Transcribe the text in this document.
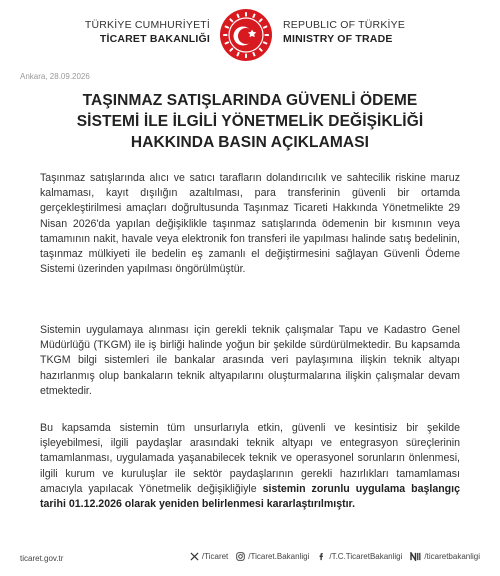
TÜRKİYE CUMHURİYETİ
TİCARET BAKANLIĞI
REPUBLIC OF TÜRKİYE
MINISTRY OF TRADE
Ankara, 28.09.2026
TAŞINMAZ SATIŞLARINDA GÜVENLİ ÖDEME
SİSTEMİ İLE İLGİLİ YÖNETMELİK DEĞİŞİKLİĞİ
HAKKINDA BASIN AÇIKLAMASI

Taşınmaz satışlarında alıcı ve satıcı tarafların dolandırıcılık ve sahtecilik riskine maruz kalmaması, kayıt dışılığın azaltılması, para transferinin güvenli bir ortamda gerçekleştirilmesi amaçları doğrultusunda Taşınmaz Ticareti Hakkında Yönetmelikte 29 Nisan 2026'da yapılan değişiklikle taşınmaz satışlarında ödemenin bir kısmının veya tamamının nakit, havale veya elektronik fon transferi ile yapılması halinde satış bedelinin, taşınmaz mülkiyeti ile bedelin eş zamanlı el değiştirmesini sağlayan Güvenli Ödeme Sistemi üzerinden yapılması öngörülmüştür.

Sistemin uygulamaya alınması için gerekli teknik çalışmalar Tapu ve Kadastro Genel Müdürlüğü (TKGM) ile iş birliği halinde yoğun bir şekilde sürdürülmektedir. Bu kapsamda TKGM bilgi sistemleri ile bankalar arasında veri paylaşımına ilişkin teknik altyapı hazırlanmış olup bankaların teknik altyapılarını oluşturmalarına ilişkin çalışmalar devam etmektedir.

Bu kapsamda sistemin tüm unsurlarıyla etkin, güvenli ve kesintisiz bir şekilde işleyebilmesi, ilgili paydaşlar arasındaki teknik altyapı ve entegrasyon süreçlerinin tamamlanması, uygulamada yaşanabilecek teknik ve operasyonel sorunların önlenmesi, ilgili kurum ve kuruluşlar ile sektör paydaşlarının gerekli hazırlıkları tamamlaması amacıyla yapılacak Yönetmelik değişikliğiyle sistemin zorunlu uygulama başlangıç tarihi 01.12.2026 olarak yeniden belirlenmesi kararlaştırılmıştır.

ticaret.gov.tr	/Ticaret	/Ticaret.Bakanligi	/T.C.TicaretBakanligi	/ticaretbakanligi
